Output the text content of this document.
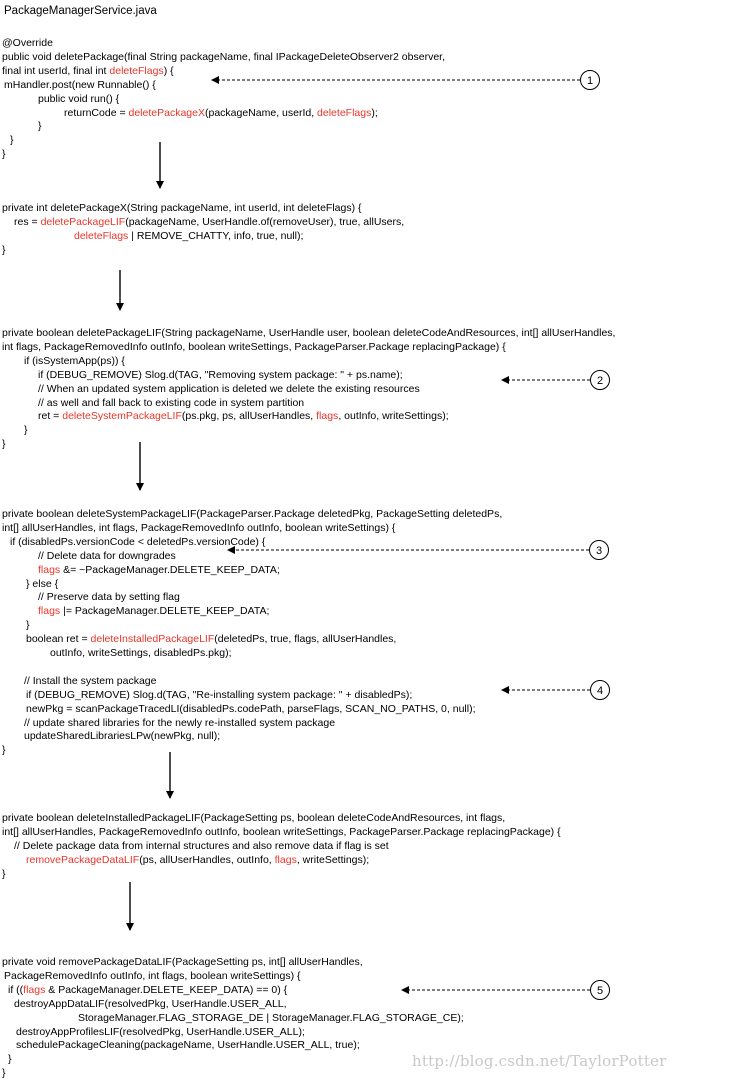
PackageManagerService.java
@Override
public void deletePackage(final String packageName, final IPackageDeleteObserver2 observer,
final int userId, final int deleteFlags) {
mHandler.post(new Runnable() {
public void run() {
returnCode = deletePackageX(packageName, userId, deleteFlags);
}
}
}
private int deletePackageX(String packageName, int userId, int deleteFlags) {
res = deletePackageLIF(packageName, UserHandle.of(removeUser), true, allUsers,
deleteFlags | REMOVE_CHATTY, info, true, null);
}
private boolean deletePackageLIF(String packageName, UserHandle user, boolean deleteCodeAndResources, int[] allUserHandles,
int flags, PackageRemovedInfo outInfo, boolean writeSettings, PackageParser.Package replacingPackage) {
if (isSystemApp(ps)) {
if (DEBUG_REMOVE) Slog.d(TAG, "Removing system package: " + ps.name);
// When an updated system application is deleted we delete the existing resources
// as well and fall back to existing code in system partition
ret = deleteSystemPackageLIF(ps.pkg, ps, allUserHandles, flags, outInfo, writeSettings);
}
}
private boolean deleteSystemPackageLIF(PackageParser.Package deletedPkg, PackageSetting deletedPs,
int[] allUserHandles, int flags, PackageRemovedInfo outInfo, boolean writeSettings) {
if (disabledPs.versionCode < deletedPs.versionCode) {
// Delete data for downgrades
flags &= ~PackageManager.DELETE_KEEP_DATA;
} else {
// Preserve data by setting flag
flags |= PackageManager.DELETE_KEEP_DATA;
}
boolean ret = deleteInstalledPackageLIF(deletedPs, true, flags, allUserHandles,
outInfo, writeSettings, disabledPs.pkg);
// Install the system package
if (DEBUG_REMOVE) Slog.d(TAG, "Re-installing system package: " + disabledPs);
newPkg = scanPackageTracedLI(disabledPs.codePath, parseFlags, SCAN_NO_PATHS, 0, null);
// update shared libraries for the newly re-installed system package
updateSharedLibrariesLPw(newPkg, null);
}
private boolean deleteInstalledPackageLIF(PackageSetting ps, boolean deleteCodeAndResources, int flags,
int[] allUserHandles, PackageRemovedInfo outInfo, boolean writeSettings, PackageParser.Package replacingPackage) {
// Delete package data from internal structures and also remove data if flag is set
removePackageDataLIF(ps, allUserHandles, outInfo, flags, writeSettings);
}
private void removePackageDataLIF(PackageSetting ps, int[] allUserHandles,
PackageRemovedInfo outInfo, int flags, boolean writeSettings) {
if ((flags & PackageManager.DELETE_KEEP_DATA) == 0) {
destroyAppDataLIF(resolvedPkg, UserHandle.USER_ALL,
StorageManager.FLAG_STORAGE_DE | StorageManager.FLAG_STORAGE_CE);
destroyAppProfilesLIF(resolvedPkg, UserHandle.USER_ALL);
schedulePackageCleaning(packageName, UserHandle.USER_ALL, true);
}
}
1
2
3
4
5
http://blog.csdn.net/TaylorPotter
